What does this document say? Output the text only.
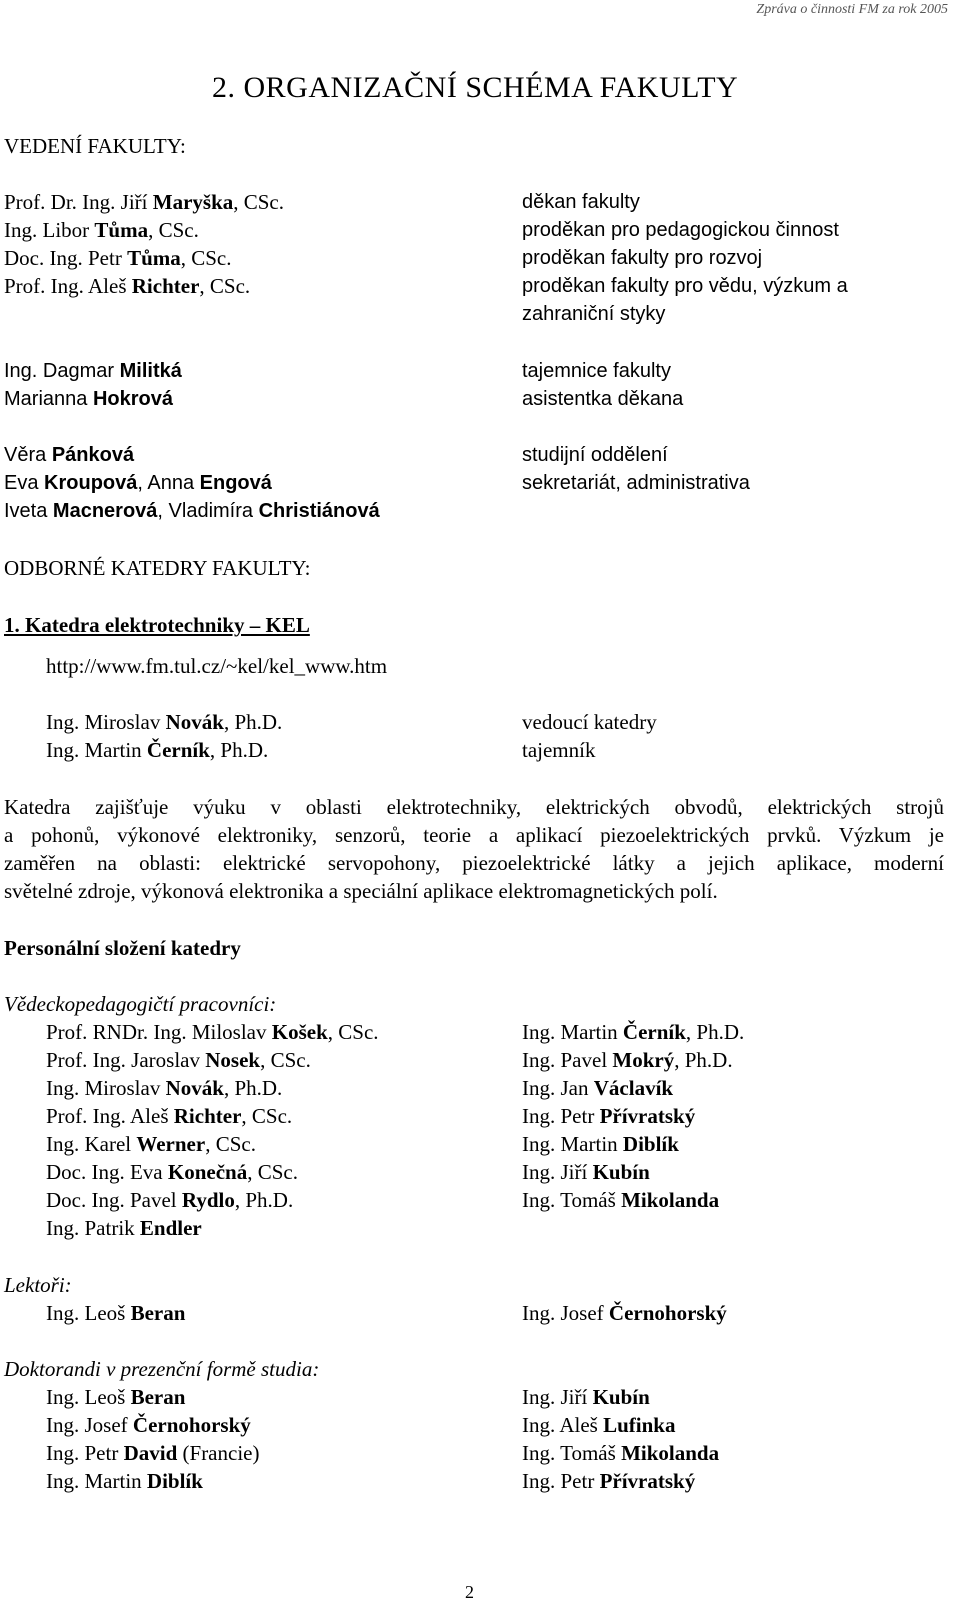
Zpráva o činnosti FM za rok 2005
2. ORGANIZAČNÍ SCHÉMA FAKULTY
VEDENÍ FAKULTY:
Prof. Dr. Ing. Jiří Maryška, CSc.
Ing. Libor Tůma, CSc.
Doc. Ing. Petr Tůma, CSc.
Prof. Ing. Aleš Richter, CSc.
děkan fakulty
proděkan pro pedagogickou činnost
proděkan fakulty pro rozvoj
proděkan fakulty pro vědu, výzkum a
zahraniční styky
Ing. Dagmar Militká
Marianna Hokrová
tajemnice fakulty
asistentka děkana
Věra Pánková
Eva Kroupová, Anna Engová
Iveta Macnerová, Vladimíra Christiánová
studijní oddělení
sekretariát, administrativa
ODBORNÉ KATEDRY FAKULTY:
1. Katedra elektrotechniky – KEL
http://www.fm.tul.cz/~kel/kel_www.htm
Ing. Miroslav Novák, Ph.D.
Ing. Martin Černík, Ph.D.
vedoucí katedry
tajemník
Katedra zajišťuje výuku v oblasti elektrotechniky, elektrických obvodů, elektrických strojů
a pohonů, výkonové elektroniky, senzorů, teorie a aplikací piezoelektrických prvků. Výzkum je
zaměřen na oblasti: elektrické servopohony, piezoelektrické látky a jejich aplikace, moderní
světelné zdroje, výkonová elektronika a speciální aplikace elektromagnetických polí.
Personální složení katedry
Vědeckopedagogičtí pracovníci:
Prof. RNDr. Ing. Miloslav Košek, CSc.
Prof. Ing. Jaroslav Nosek, CSc.
Ing. Miroslav Novák, Ph.D.
Prof. Ing. Aleš Richter, CSc.
Ing. Karel Werner, CSc.
Doc. Ing. Eva Konečná, CSc.
Doc. Ing. Pavel Rydlo, Ph.D.
Ing. Patrik Endler
Ing. Martin Černík, Ph.D.
Ing. Pavel Mokrý, Ph.D.
Ing. Jan Václavík
Ing. Petr Přívratský
Ing. Martin Diblík
Ing. Jiří Kubín
Ing. Tomáš Mikolanda
Lektoři:
Ing. Leoš Beran	Ing. Josef Černohorský
Doktorandi v prezenční formě studia:
Ing. Leoš Beran
Ing. Josef Černohorský
Ing. Petr David (Francie)
Ing. Martin Diblík
Ing. Jiří Kubín
Ing. Aleš Lufinka
Ing. Tomáš Mikolanda
Ing. Petr Přívratský
2
